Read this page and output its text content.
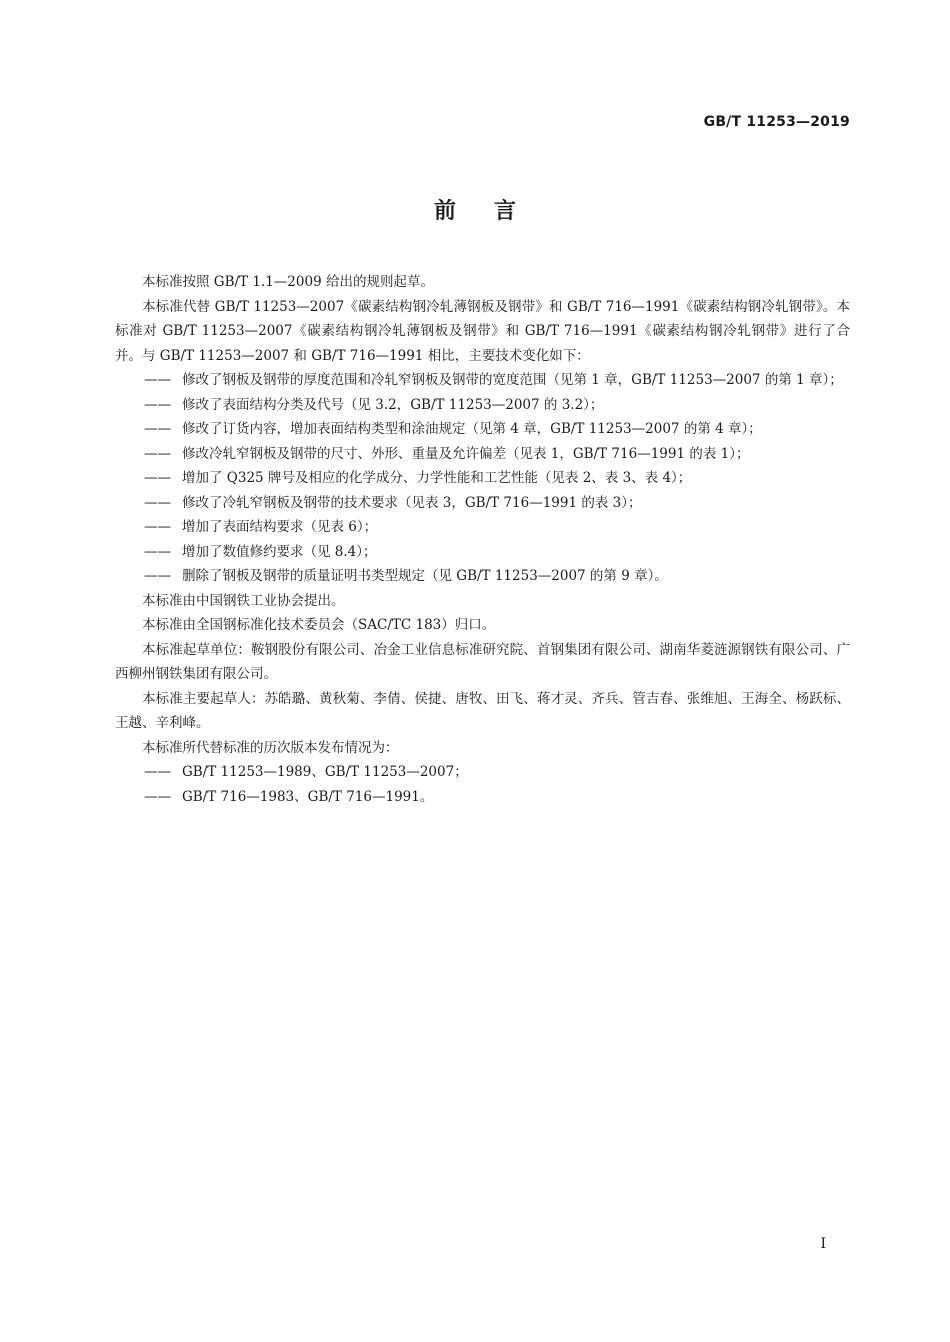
GB/T 11253—2019
前言

本标准按照 GB/T 1.1—2009 给出的规则起草。

本标准代替 GB/T 11253—2007《碳素结构钢冷轧薄钢板及钢带》和 GB/T 716—1991《碳素结构钢冷轧钢带》。本标准对 GB/T 11253—2007《碳素结构钢冷轧薄钢板及钢带》和 GB/T 716—1991《碳素结构钢冷轧钢带》进行了合并。与 GB/T 11253—2007 和 GB/T 716—1991 相比，主要技术变化如下：

—— 修改了钢板及钢带的厚度范围和冷轧窄钢板及钢带的宽度范围（见第 1 章，GB/T 11253—2007 的第 1 章）；

—— 修改了表面结构分类及代号（见 3.2，GB/T 11253—2007 的 3.2）；

—— 修改了订货内容，增加表面结构类型和涂油规定（见第 4 章，GB/T 11253—2007 的第 4 章）；

—— 修改冷轧窄钢板及钢带的尺寸、外形、重量及允许偏差（见表 1，GB/T 716—1991 的表 1）；

—— 增加了 Q325 牌号及相应的化学成分、力学性能和工艺性能（见表 2、表 3、表 4）；

—— 修改了冷轧窄钢板及钢带的技术要求（见表 3，GB/T 716—1991 的表 3）；

—— 增加了表面结构要求（见表 6）；

—— 增加了数值修约要求（见 8.4）；

—— 删除了钢板及钢带的质量证明书类型规定（见 GB/T 11253—2007 的第 9 章）。

本标准由中国钢铁工业协会提出。

本标准由全国钢标准化技术委员会（SAC/TC 183）归口。

本标准起草单位：鞍钢股份有限公司、冶金工业信息标准研究院、首钢集团有限公司、湖南华菱涟源钢铁有限公司、广西柳州钢铁集团有限公司。

本标准主要起草人：苏皓璐、黄秋菊、李倩、侯捷、唐牧、田飞、蒋才灵、齐兵、管吉春、张维旭、王海全、杨跃标、王越、辛利峰。

本标准所代替标准的历次版本发布情况为：

—— GB/T 11253—1989、GB/T 11253—2007；

—— GB/T 716—1983、GB/T 716—1991。

I
